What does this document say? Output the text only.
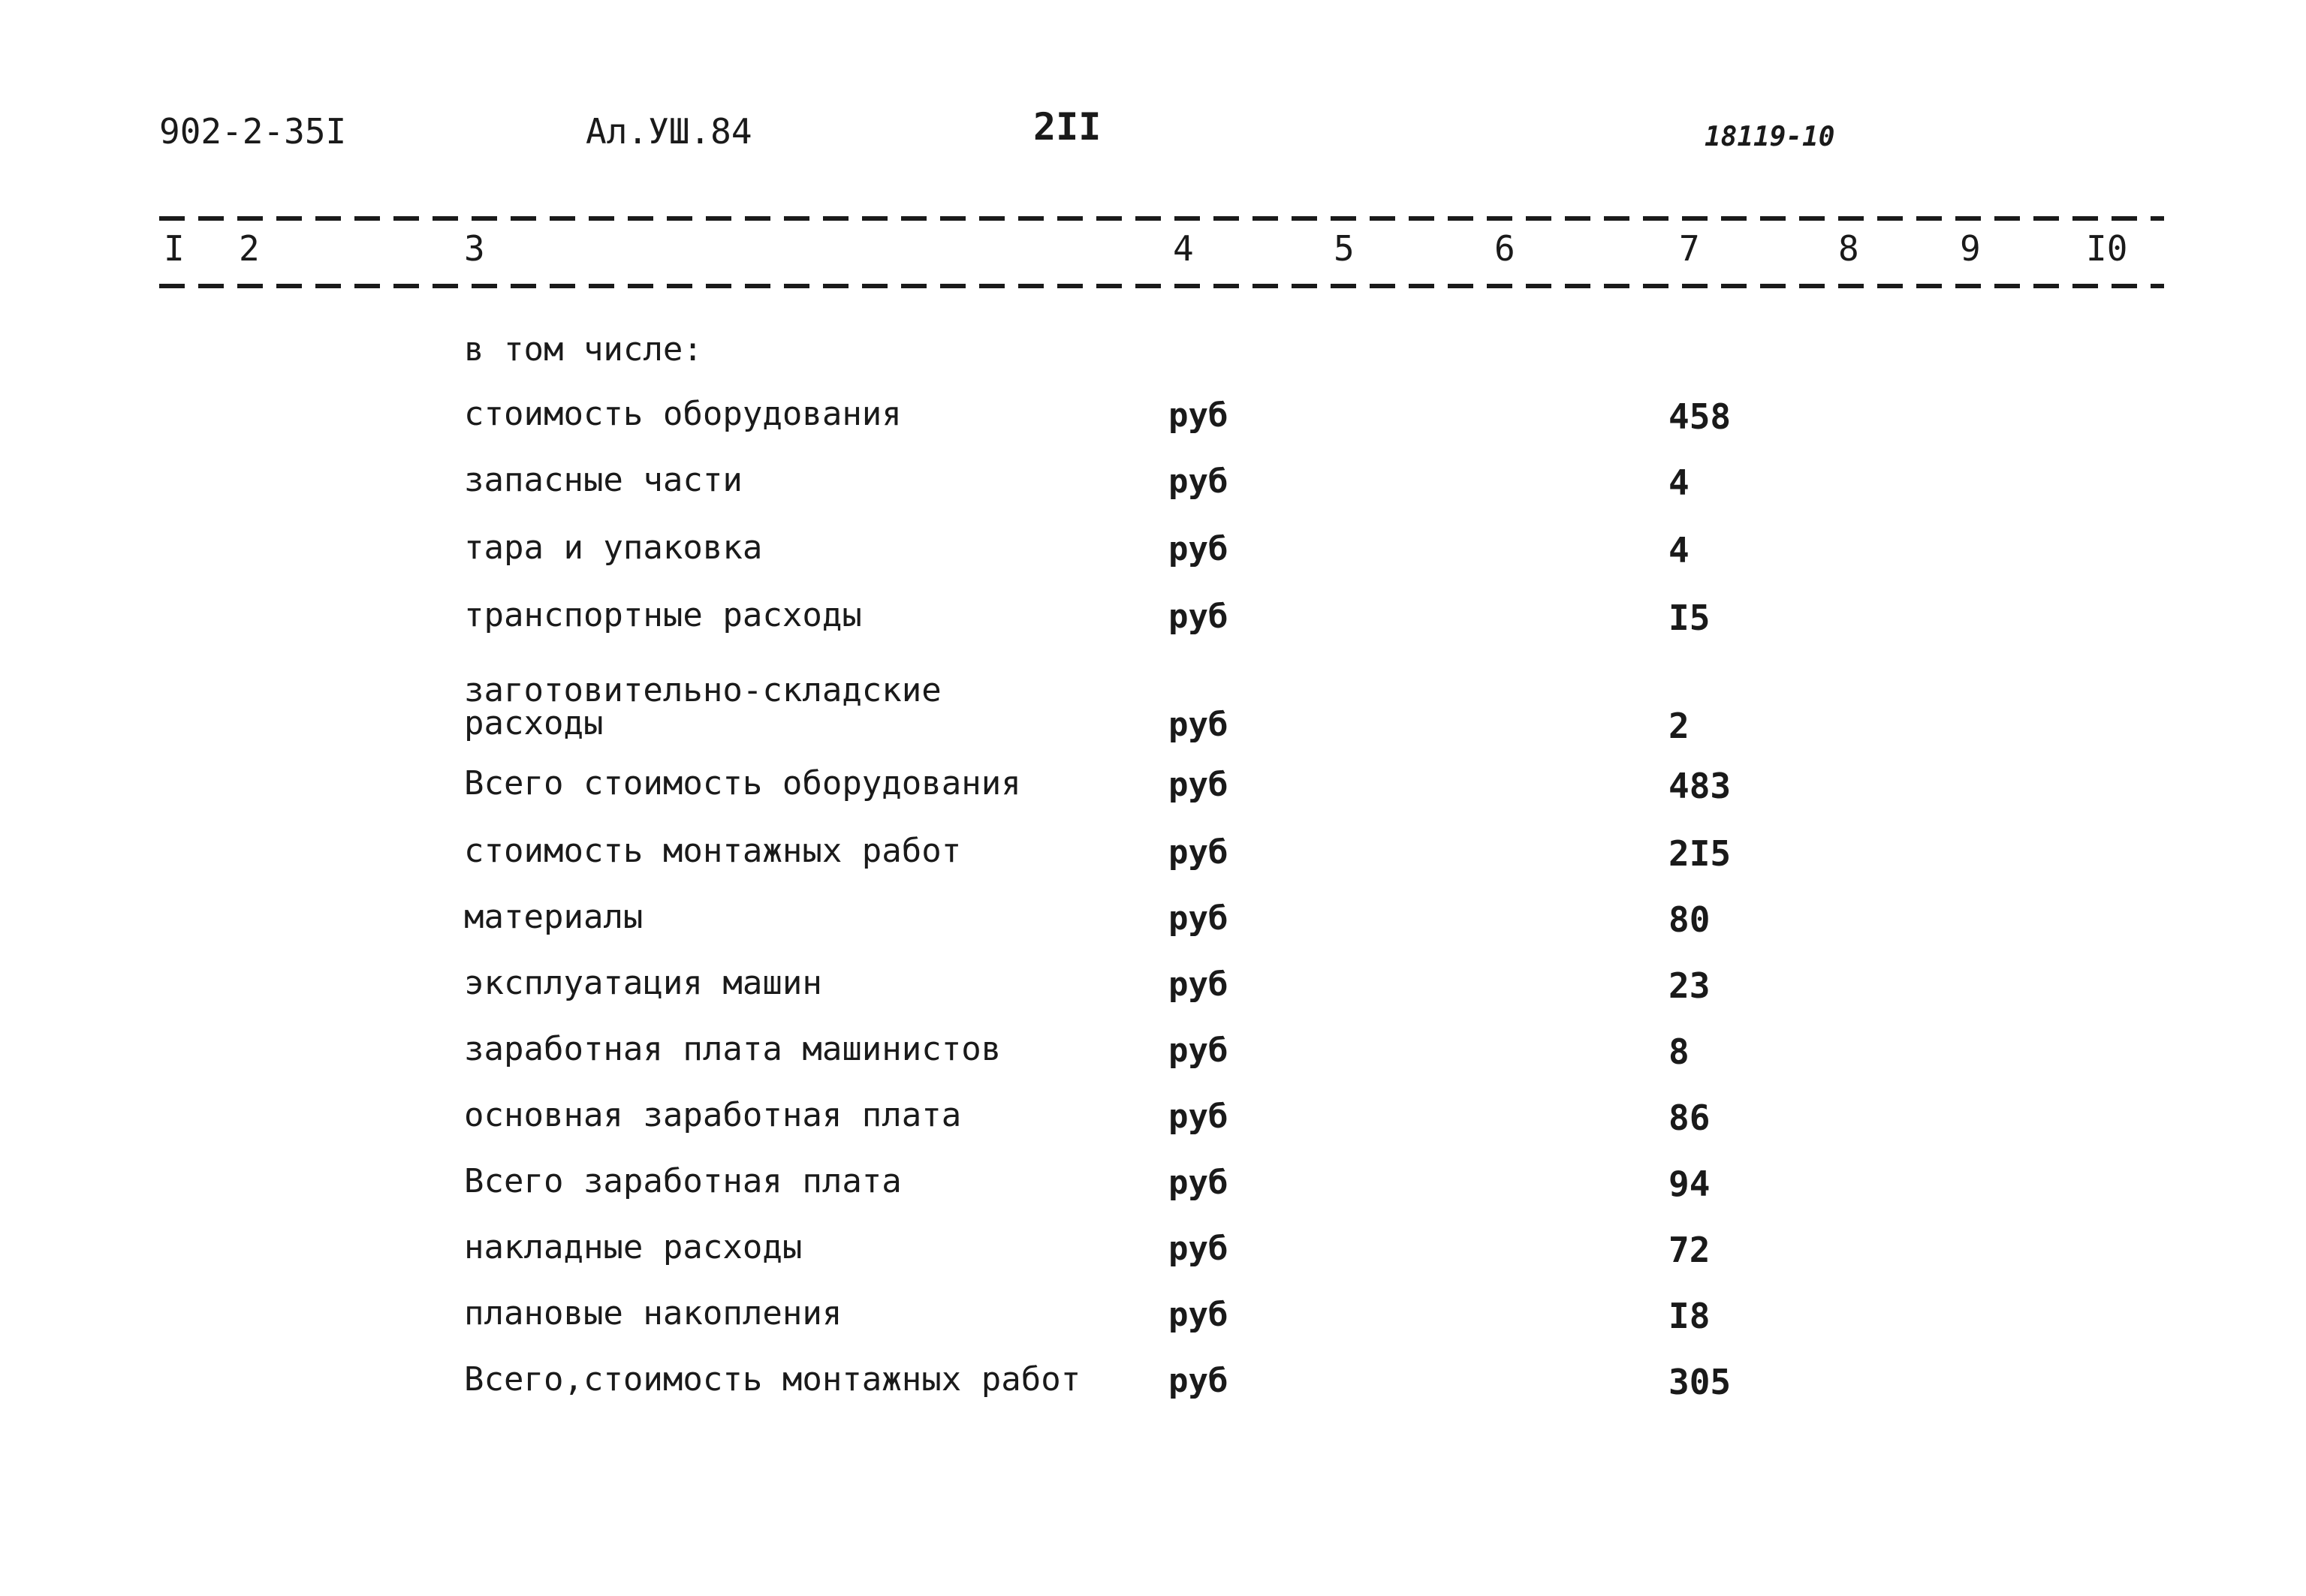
902-2-35I	Ал.УШ.84	2II	18119-10
I 2	3	4	5	6	7	8	9	I0
в том числе:
стоимость оборудования	руб	458
запасные части	руб	4
тара и упаковка	руб	4
транспортные расходы	руб	I5
заготовительно-складские
расходы	руб	2
Всего стоимость оборудования	руб	483
стоимость монтажных работ	руб	2I5
материалы	руб	80
эксплуатация машин	руб	23
заработная плата машинистов	руб	8
основная заработная плата	руб	86
Всего заработная плата	руб	94
накладные расходы	руб	72
плановые накопления	руб	I8
Всего,стоимость монтажных работ	руб	305
